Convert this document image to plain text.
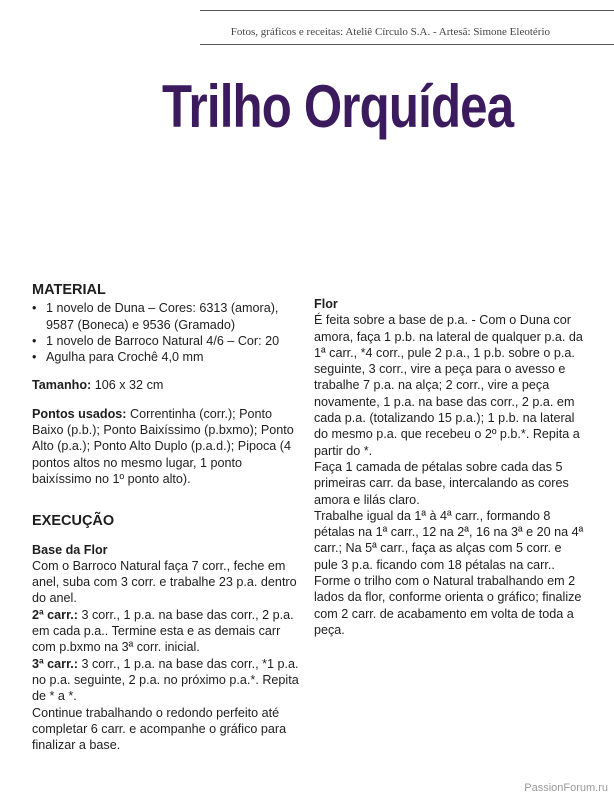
Fotos, gráficos e receitas: Ateliê Círculo S.A. - Artesã: Simone Eleotério
Trilho Orquídea
MATERIAL
• 1 novelo de Duna – Cores: 6313 (amora), 9587 (Boneca) e 9536 (Gramado)
• 1 novelo de Barroco Natural 4/6 – Cor: 20
• Agulha para Crochê 4,0 mm

Tamanho: 106 x 32 cm

Pontos usados: Correntinha (corr.); Ponto Baixo (p.b.); Ponto Baixíssimo (p.bxmo); Ponto Alto (p.a.); Ponto Alto Duplo (p.a.d.); Pipoca (4 pontos altos no mesmo lugar, 1 ponto baixíssimo no 1º ponto alto).

EXECUÇÃO
Base da Flor

Com o Barroco Natural faça 7 corr., feche em anel, suba com 3 corr. e trabalhe 23 p.a. dentro do anel.

2ª carr.: 3 corr., 1 p.a. na base das corr., 2 p.a. em cada p.a.. Termine esta e as demais carr com p.bxmo na 3ª corr. inicial.

3ª carr.: 3 corr., 1 p.a. na base das corr., *1 p.a. no p.a. seguinte, 2 p.a. no próximo p.a.*. Repita de * a *.

Continue trabalhando o redondo perfeito até completar 6 carr. e acompanhe o gráfico para finalizar a base.

Flor

É feita sobre a base de p.a. - Com o Duna cor amora, faça 1 p.b. na lateral de qualquer p.a. da 1ª carr., *4 corr., pule 2 p.a., 1 p.b. sobre o p.a. seguinte, 3 corr., vire a peça para o avesso e trabalhe 7 p.a. na alça; 2 corr., vire a peça novamente, 1 p.a. na base das corr., 2 p.a. em cada p.a. (totalizando 15 p.a.); 1 p.b. na lateral do mesmo p.a. que recebeu o 2º p.b.*. Repita a partir do *.

Faça 1 camada de pétalas sobre cada das 5 primeiras carr. da base, intercalando as cores amora e lilás claro.

Trabalhe igual da 1ª à 4ª carr., formando 8 pétalas na 1ª carr., 12 na 2ª, 16 na 3ª e 20 na 4ª carr.; Na 5ª carr., faça as alças com 5 corr. e pule 3 p.a. ficando com 18 pétalas na carr..

Forme o trilho com o Natural trabalhando em 2 lados da flor, conforme orienta o gráfico; finalize com 2 carr. de acabamento em volta de toda a peça.

PassionForum.ru
